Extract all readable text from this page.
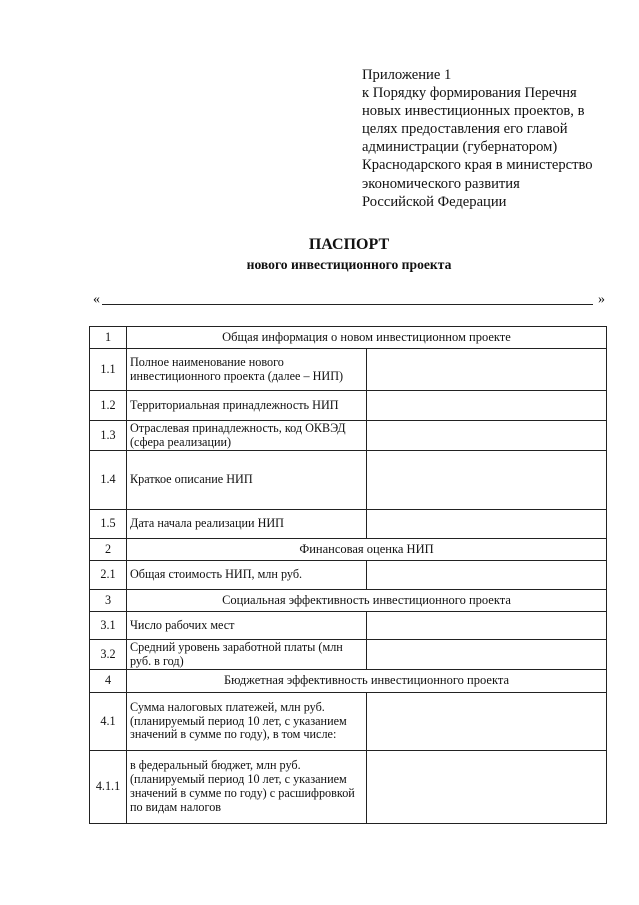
Приложение 1
к Порядку формирования Перечня
новых инвестиционных проектов, в
целях предоставления его главой
администрации (губернатором)
Краснодарского края в министерство
экономического развития
Российской Федерации
ПАСПОРТ
нового инвестиционного проекта
«	»
1	Общая информация о новом инвестиционном проекте	
1.1	Полное наименование нового инвестиционного проекта (далее – НИП)	
1.2	Территориальная принадлежность НИП	
1.3	Отраслевая принадлежность, код ОКВЭД (сфера реализации)	
1.4	Краткое описание НИП	
1.5	Дата начала реализации НИП	
2	Финансовая оценка НИП	
2.1	Общая стоимость НИП, млн руб.	
3	Социальная эффективность инвестиционного проекта	
3.1	Число рабочих мест	
3.2	Средний уровень заработной платы (млн руб. в год)	
4	Бюджетная эффективность инвестиционного проекта	
4.1	Сумма налоговых платежей, млн руб. (планируемый период 10 лет, с указанием значений в сумме по году), в том числе:	
4.1.1	в федеральный бюджет, млн руб. (планируемый период 10 лет, с указанием значений в сумме по году) с расшифровкой по видам налогов	
